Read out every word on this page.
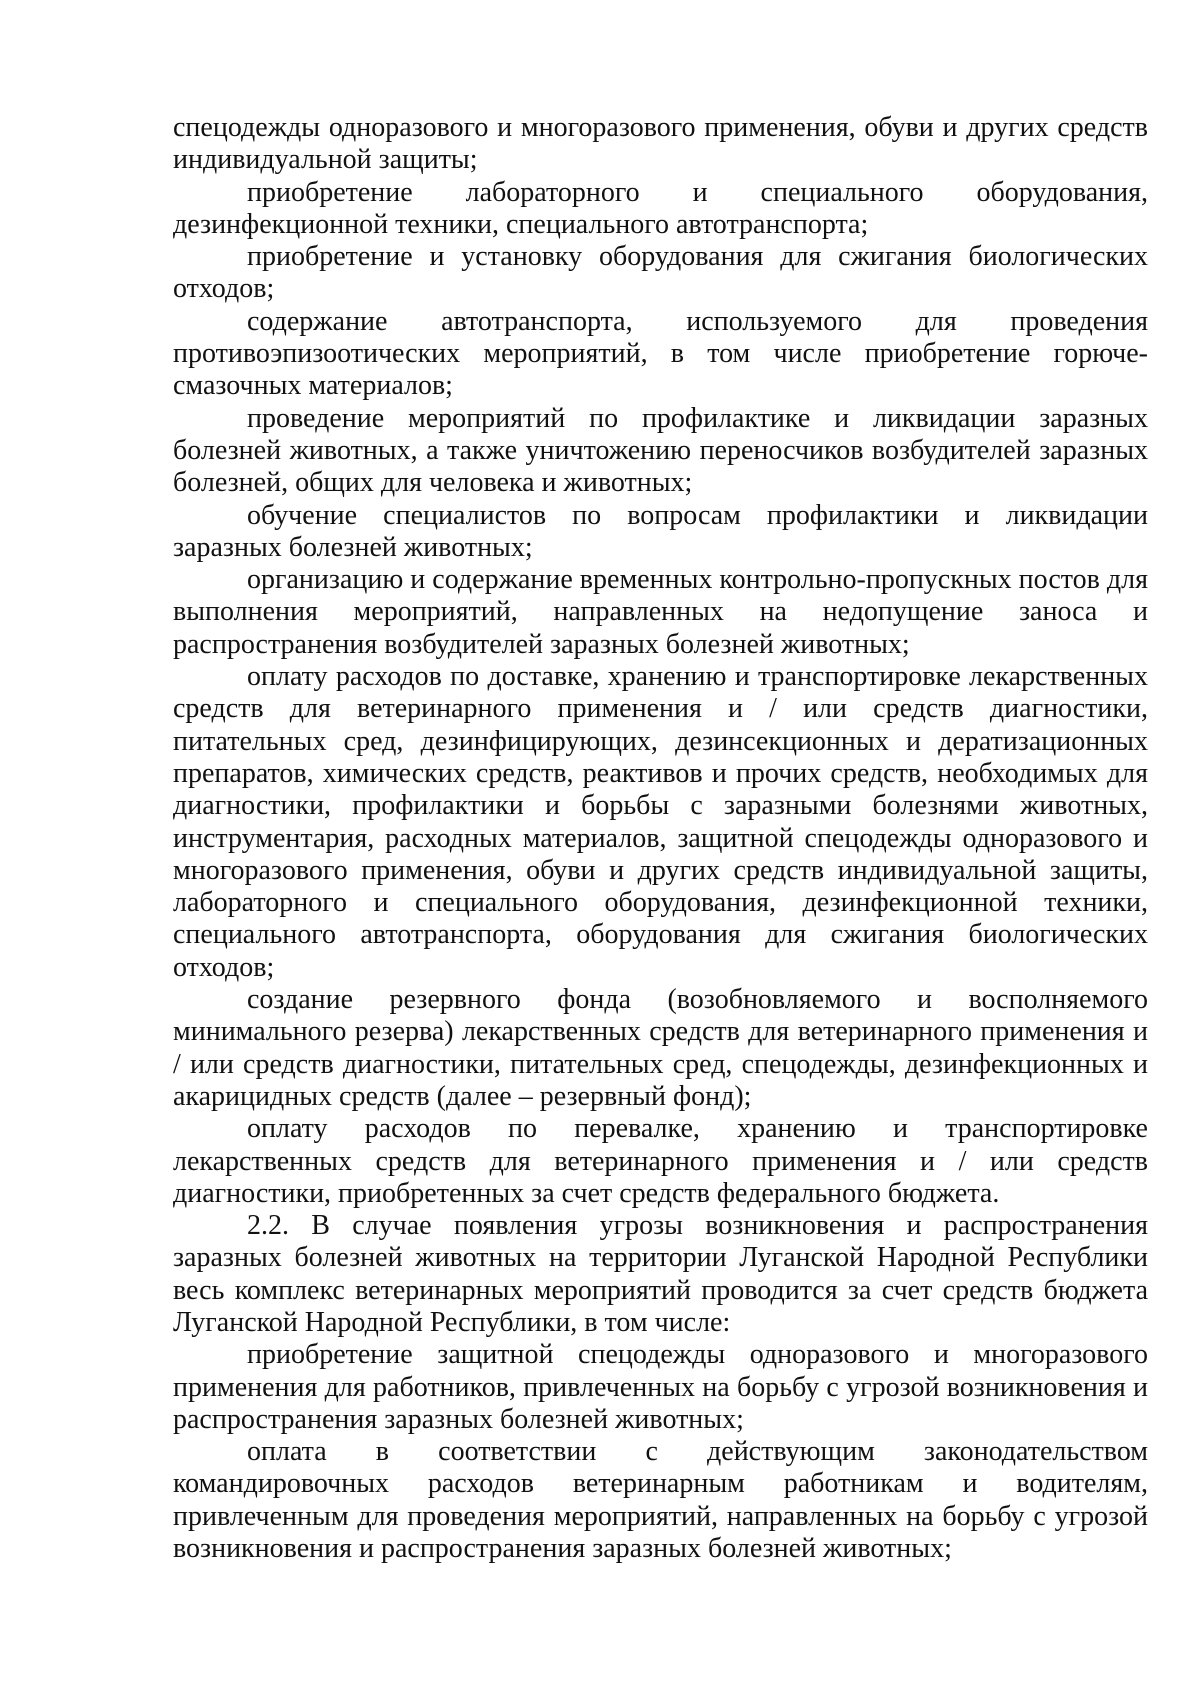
спецодежды одноразового и многоразового применения, обуви и других средств индивидуальной защиты;

приобретение лабораторного и специального оборудования, дезинфекционной техники, специального автотранспорта;

приобретение и установку оборудования для сжигания биологических отходов;

содержание автотранспорта, используемого для проведения противоэпизоотических мероприятий, в том числе приобретение горюче-смазочных материалов;

проведение мероприятий по профилактике и ликвидации заразных болезней животных, а также уничтожению переносчиков возбудителей заразных болезней, общих для человека и животных;

обучение специалистов по вопросам профилактики и ликвидации заразных болезней животных;

организацию и содержание временных контрольно-пропускных постов для выполнения мероприятий, направленных на недопущение заноса и распространения возбудителей заразных болезней животных;

оплату расходов по доставке, хранению и транспортировке лекарственных средств для ветеринарного применения и / или средств диагностики, питательных сред, дезинфицирующих, дезинсекционных и дератизационных препаратов, химических средств, реактивов и прочих средств, необходимых для диагностики, профилактики и борьбы с заразными болезнями животных, инструментария, расходных материалов, защитной спецодежды одноразового и многоразового применения, обуви и других средств индивидуальной защиты, лабораторного и специального оборудования, дезинфекционной техники, специального автотранспорта, оборудования для сжигания биологических отходов;

создание резервного фонда (возобновляемого и восполняемого минимального резерва) лекарственных средств для ветеринарного применения и / или средств диагностики, питательных сред, спецодежды, дезинфекционных и акарицидных средств (далее – резервный фонд);

оплату расходов по перевалке, хранению и транспортировке лекарственных средств для ветеринарного применения и / или средств диагностики, приобретенных за счет средств федерального бюджета.

2.2. В случае появления угрозы возникновения и распространения заразных болезней животных на территории Луганской Народной Республики весь комплекс ветеринарных мероприятий проводится за счет средств бюджета Луганской Народной Республики, в том числе:

приобретение защитной спецодежды одноразового и многоразового применения для работников, привлеченных на борьбу с угрозой возникновения и распространения заразных болезней животных;

оплата в соответствии с действующим законодательством командировочных расходов ветеринарным работникам и водителям, привлеченным для проведения мероприятий, направленных на борьбу с угрозой возникновения и распространения заразных болезней животных;
